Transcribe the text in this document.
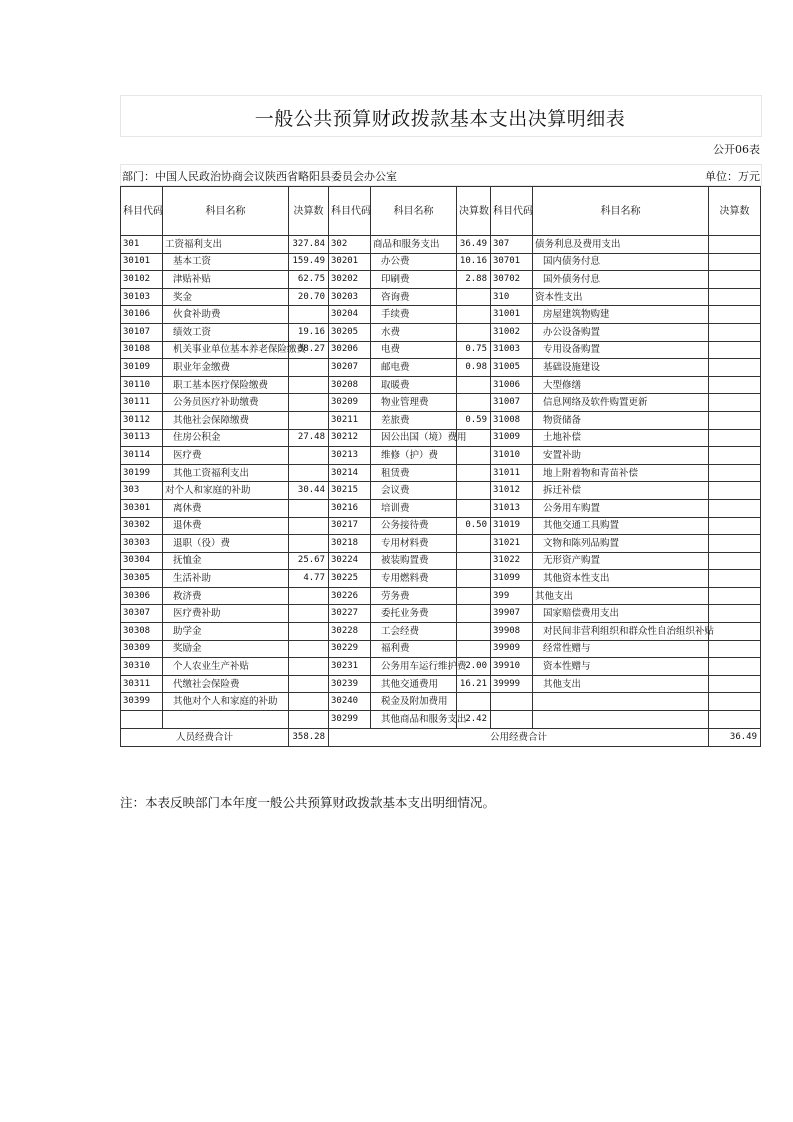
一般公共预算财政拨款基本支出决算明细表
公开06表
部门：中国人民政治协商会议陕西省略阳县委员会办公室	单位：万元
科目代码	科目名称	决算数	科目代码	科目名称	决算数	科目代码	科目名称	决算数
301	工资福利支出	327.84	302	商品和服务支出	36.49	307	债务利息及费用支出	
30101	基本工资	159.49	30201	办公费	10.16	30701	国内债务付息	
30102	津贴补贴	62.75	30202	印刷费	2.88	30702	国外债务付息	
30103	奖金	20.70	30203	咨询费		310	资本性支出	
30106	伙食补助费		30204	手续费		31001	房屋建筑物购建	
30107	绩效工资	19.16	30205	水费		31002	办公设备购置	
30108	机关事业单位基本养老保险缴费	38.27	30206	电费	0.75	31003	专用设备购置	
30109	职业年金缴费		30207	邮电费	0.98	31005	基础设施建设	
30110	职工基本医疗保险缴费		30208	取暖费		31006	大型修缮	
30111	公务员医疗补助缴费		30209	物业管理费		31007	信息网络及软件购置更新	
30112	其他社会保障缴费		30211	差旅费	0.59	31008	物资储备	
30113	住房公积金	27.48	30212	因公出国（境）费用		31009	土地补偿	
30114	医疗费		30213	维修（护）费		31010	安置补助	
30199	其他工资福利支出		30214	租赁费		31011	地上附着物和青苗补偿	
303	对个人和家庭的补助	30.44	30215	会议费		31012	拆迁补偿	
30301	离休费		30216	培训费		31013	公务用车购置	
30302	退休费		30217	公务接待费	0.50	31019	其他交通工具购置	
30303	退职（役）费		30218	专用材料费		31021	文物和陈列品购置	
30304	抚恤金	25.67	30224	被装购置费		31022	无形资产购置	
30305	生活补助	4.77	30225	专用燃料费		31099	其他资本性支出	
30306	救济费		30226	劳务费		399	其他支出	
30307	医疗费补助		30227	委托业务费		39907	国家赔偿费用支出	
30308	助学金		30228	工会经费		39908	对民间非营利组织和群众性自治组织补贴	
30309	奖励金		30229	福利费		39909	经常性赠与	
30310	个人农业生产补贴		30231	公务用车运行维护费	2.00	39910	资本性赠与	
30311	代缴社会保险费		30239	其他交通费用	16.21	39999	其他支出	
30399	其他对个人和家庭的补助		30240	税金及附加费用				
			30299	其他商品和服务支出	2.42			
人员经费合计		358.28	公用经费合计					36.49
注：本表反映部门本年度一般公共预算财政拨款基本支出明细情况。
